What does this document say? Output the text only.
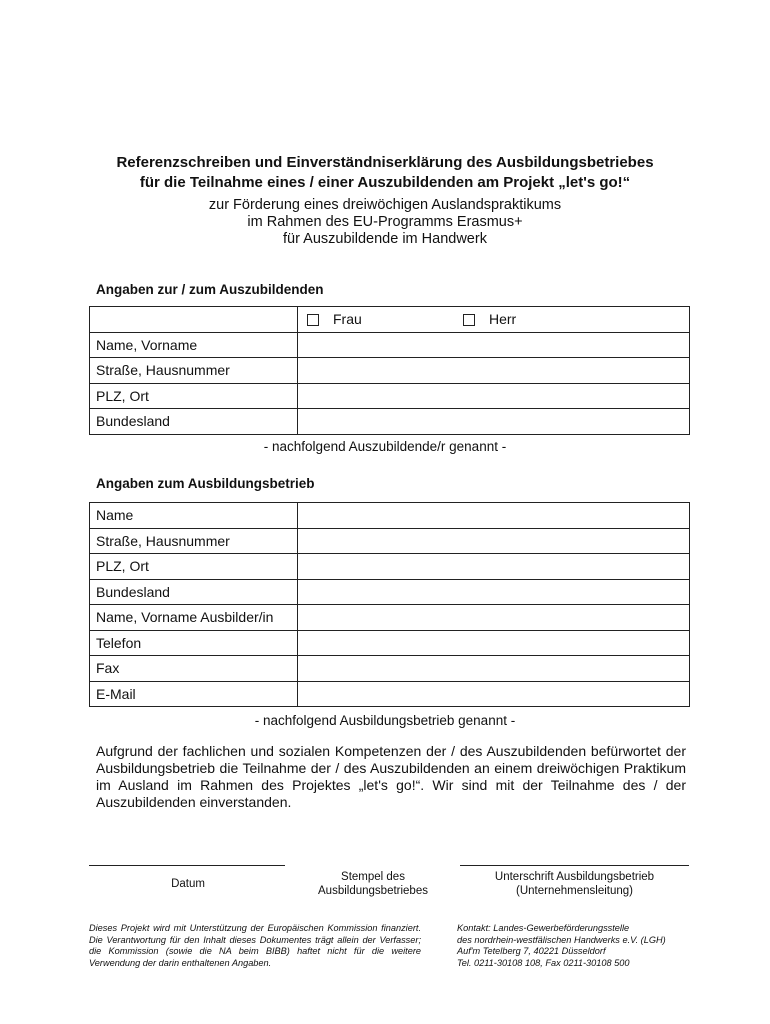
Referenzschreiben und Einverständniserklärung des Ausbildungsbetriebes
für die Teilnahme eines / einer Auszubildenden am Projekt „let's go!“
zur Förderung eines dreiwöchigen Auslandspraktikums
im Rahmen des EU-Programms Erasmus+
für Auszubildende im Handwerk
Angaben zur / zum Auszubildenden

	Frau Herr

Name, Vorname	
Straße, Hausnummer	
PLZ, Ort	
Bundesland	
- nachfolgend Auszubildende/r genannt -
Angaben zum Ausbildungsbetrieb
Name	
Straße, Hausnummer	
PLZ, Ort	
Bundesland	
Name, Vorname Ausbilder/in	
Telefon	
Fax	
E-Mail	
- nachfolgend Ausbildungsbetrieb genannt -
Aufgrund der fachlichen und sozialen Kompetenzen der / des Auszubildenden befürwortet der Ausbildungsbetrieb die Teilnahme der / des Auszubildenden an einem dreiwöchigen Praktikum im Ausland im Rahmen des Projektes „let's go!“. Wir sind mit der Teilnahme des / der Auszubildenden einverstanden.
Datum
Stempel des
Ausbildungsbetriebes
Unterschrift Ausbildungsbetrieb
(Unternehmensleitung)
Dieses Projekt wird mit Unterstützung der Europäischen Kommission finanziert. Die Verantwortung für den Inhalt dieses Dokumentes trägt allein der Verfasser; die Kommission (sowie die NA beim BIBB) haftet nicht für die weitere Verwendung der darin enthaltenen Angaben.
Kontakt: Landes-Gewerbeförderungsstelle
des nordrhein-westfälischen Handwerks e.V. (LGH)
Auf'm Tetelberg 7, 40221 Düsseldorf
Tel. 0211-30108 108, Fax 0211-30108 500
